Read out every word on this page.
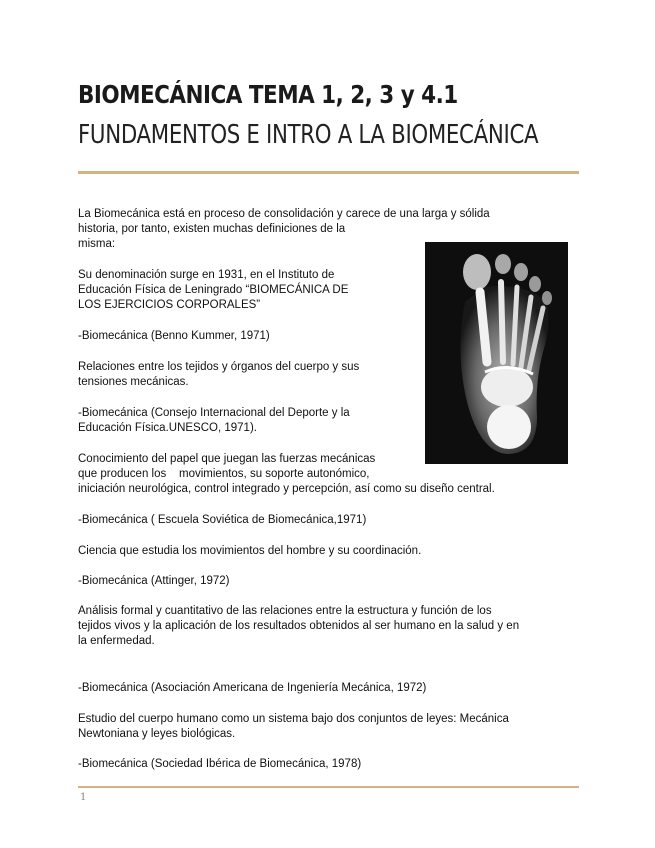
BIOMECÁNICA TEMA 1, 2, 3 y 4.1
FUNDAMENTOS E INTRO A LA BIOMECÁNICA

La Biomecánica está en proceso de consolidación y carece de una larga y sólida

historia, por tanto, existen muchas definiciones de la

misma:

Su denominación surge en 1931, en el Instituto de

Educación Física de Leningrado “BIOMECÁNICA DE

LOS EJERCICIOS CORPORALES”

-Biomecánica (Benno Kummer, 1971)

Relaciones entre los tejidos y órganos del cuerpo y sus

tensiones mecánicas.

-Biomecánica (Consejo Internacional del Deporte y la

Educación Física.UNESCO, 1971).

Conocimiento del papel que juegan las fuerzas mecánicas

que producen los    movimientos, su soporte autonómico,

iniciación neurológica, control integrado y percepción, así como su diseño central.

-Biomecánica ( Escuela Soviética de Biomecánica,1971)

Ciencia que estudia los movimientos del hombre y su coordinación.

-Biomecánica (Attinger, 1972)

Análisis formal y cuantitativo de las relaciones entre la estructura y función de los

tejidos vivos y la aplicación de los resultados obtenidos al ser humano en la salud y en

la enfermedad.

-Biomecánica (Asociación Americana de Ingeniería Mecánica, 1972)

Estudio del cuerpo humano como un sistema bajo dos conjuntos de leyes: Mecánica

Newtoniana y leyes biológicas.

-Biomecánica (Sociedad Ibérica de Biomecánica, 1978)

1
